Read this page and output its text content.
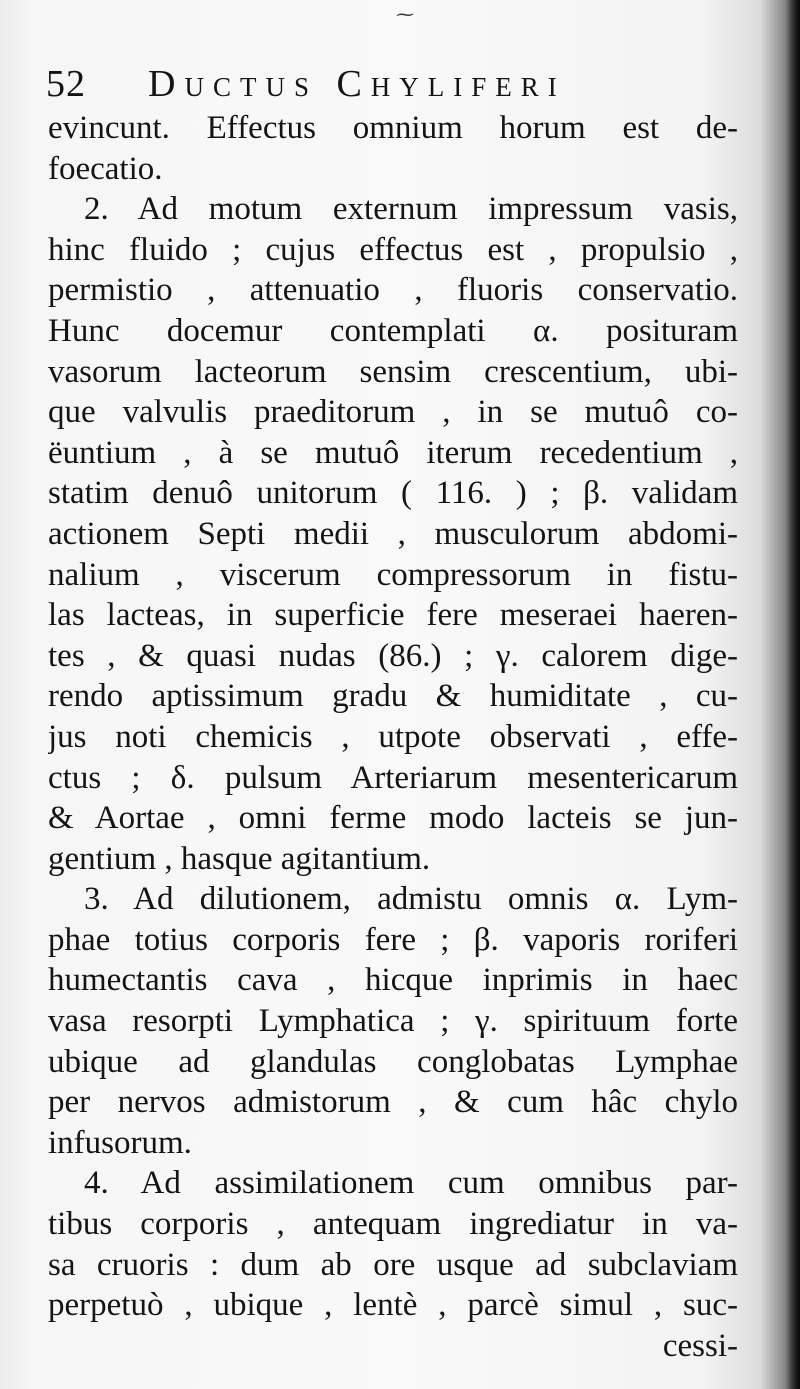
⁓
52 Ductus Chyliferi
evincunt. Effectus omnium horum est de-
foecatio.
2. Ad motum externum impressum vasis,
hinc fluido ; cujus effectus est , propulsio ,
permistio , attenuatio , fluoris conservatio.
Hunc docemur contemplati α. posituram
vasorum lacteorum sensim crescentium, ubi-
que valvulis praeditorum , in se mutuô co-
ëuntium , à se mutuô iterum recedentium ,
statim denuô unitorum ( 116. ) ; β. validam
actionem Septi medii , musculorum abdomi-
nalium , viscerum compressorum in fistu-
las lacteas, in superficie fere meseraei haeren-
tes , & quasi nudas (86.) ; γ. calorem dige-
rendo aptissimum gradu & humiditate , cu-
jus noti chemicis , utpote observati , effe-
ctus ; δ. pulsum Arteriarum mesentericarum
& Aortae , omni ferme modo lacteis se jun-
gentium , hasque agitantium.
3. Ad dilutionem, admistu omnis α. Lym-
phae totius corporis fere ; β. vaporis roriferi
humectantis cava , hicque inprimis in haec
vasa resorpti Lymphatica ; γ. spirituum forte
ubique ad glandulas conglobatas Lymphae
per nervos admistorum , & cum hâc chylo
infusorum.
4. Ad assimilationem cum omnibus par-
tibus corporis , antequam ingrediatur in va-
sa cruoris : dum ab ore usque ad subclaviam
perpetuò , ubique , lentè , parcè simul , suc-
cessi-
